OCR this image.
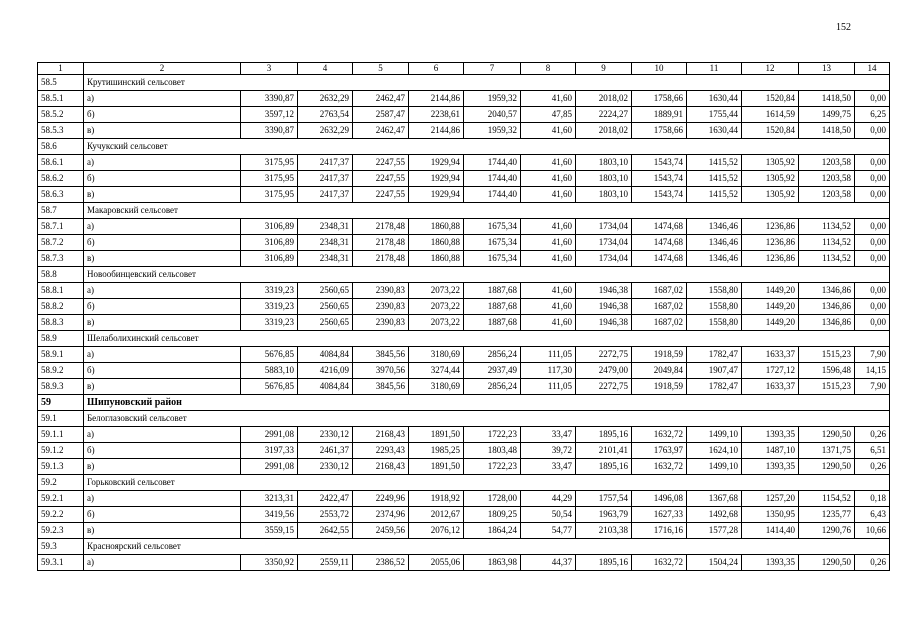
152
1	2	3	4	5	6	7	8	9	10	11	12	13	14
58.5	Крутишинский сельсовет												
58.5.1	а)	3390,87	2632,29	2462,47	2144,86	1959,32	41,60	2018,02	1758,66	1630,44	1520,84	1418,50	0,00
58.5.2	б)	3597,12	2763,54	2587,47	2238,61	2040,57	47,85	2224,27	1889,91	1755,44	1614,59	1499,75	6,25
58.5.3	в)	3390,87	2632,29	2462,47	2144,86	1959,32	41,60	2018,02	1758,66	1630,44	1520,84	1418,50	0,00
58.6	Кучукский сельсовет												
58.6.1	а)	3175,95	2417,37	2247,55	1929,94	1744,40	41,60	1803,10	1543,74	1415,52	1305,92	1203,58	0,00
58.6.2	б)	3175,95	2417,37	2247,55	1929,94	1744,40	41,60	1803,10	1543,74	1415,52	1305,92	1203,58	0,00
58.6.3	в)	3175,95	2417,37	2247,55	1929,94	1744,40	41,60	1803,10	1543,74	1415,52	1305,92	1203,58	0,00
58.7	Макаровский сельсовет												
58.7.1	а)	3106,89	2348,31	2178,48	1860,88	1675,34	41,60	1734,04	1474,68	1346,46	1236,86	1134,52	0,00
58.7.2	б)	3106,89	2348,31	2178,48	1860,88	1675,34	41,60	1734,04	1474,68	1346,46	1236,86	1134,52	0,00
58.7.3	в)	3106,89	2348,31	2178,48	1860,88	1675,34	41,60	1734,04	1474,68	1346,46	1236,86	1134,52	0,00
58.8	Новообинцевский сельсовет												
58.8.1	а)	3319,23	2560,65	2390,83	2073,22	1887,68	41,60	1946,38	1687,02	1558,80	1449,20	1346,86	0,00
58.8.2	б)	3319,23	2560,65	2390,83	2073,22	1887,68	41,60	1946,38	1687,02	1558,80	1449,20	1346,86	0,00
58.8.3	в)	3319,23	2560,65	2390,83	2073,22	1887,68	41,60	1946,38	1687,02	1558,80	1449,20	1346,86	0,00
58.9	Шелаболихинский сельсовет												
58.9.1	а)	5676,85	4084,84	3845,56	3180,69	2856,24	111,05	2272,75	1918,59	1782,47	1633,37	1515,23	7,90
58.9.2	б)	5883,10	4216,09	3970,56	3274,44	2937,49	117,30	2479,00	2049,84	1907,47	1727,12	1596,48	14,15
58.9.3	в)	5676,85	4084,84	3845,56	3180,69	2856,24	111,05	2272,75	1918,59	1782,47	1633,37	1515,23	7,90
59	Шипуновский район												
59.1	Белоглазовский сельсовет												
59.1.1	а)	2991,08	2330,12	2168,43	1891,50	1722,23	33,47	1895,16	1632,72	1499,10	1393,35	1290,50	0,26
59.1.2	б)	3197,33	2461,37	2293,43	1985,25	1803,48	39,72	2101,41	1763,97	1624,10	1487,10	1371,75	6,51
59.1.3	в)	2991,08	2330,12	2168,43	1891,50	1722,23	33,47	1895,16	1632,72	1499,10	1393,35	1290,50	0,26
59.2	Горьковский сельсовет												
59.2.1	а)	3213,31	2422,47	2249,96	1918,92	1728,00	44,29	1757,54	1496,08	1367,68	1257,20	1154,52	0,18
59.2.2	б)	3419,56	2553,72	2374,96	2012,67	1809,25	50,54	1963,79	1627,33	1492,68	1350,95	1235,77	6,43
59.2.3	в)	3559,15	2642,55	2459,56	2076,12	1864,24	54,77	2103,38	1716,16	1577,28	1414,40	1290,76	10,66
59.3	Красноярский сельсовет												
59.3.1	а)	3350,92	2559,11	2386,52	2055,06	1863,98	44,37	1895,16	1632,72	1504,24	1393,35	1290,50	0,26
